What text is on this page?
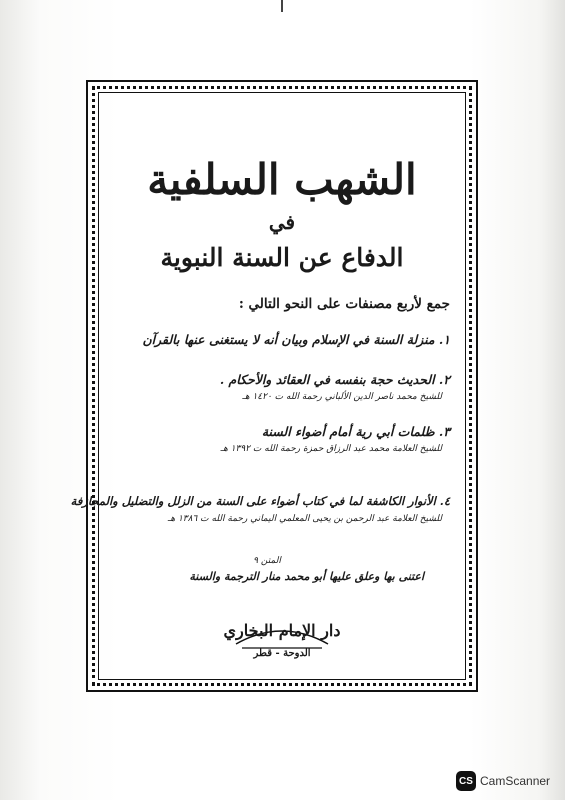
الشهب السلفية
في
الدفاع عن السنة النبوية
جمع لأربع مصنفات على النحو التالي :
١. منزلة السنة في الإسلام وبيان أنه لا يستغنى عنها بالقرآن
٢. الحديث حجة بنفسه في العقائد والأحكام .
للشيخ محمد ناصر الدين الألباني رحمة الله ت ١٤٢٠ هـ
٣. ظلمات أبي رية أمام أضواء السنة
للشيخ العلامة محمد عبد الرزاق حمزة رحمة الله ت ١٣٩٢ هـ
٤. الأنوار الكاشفة لما في كتاب أضواء على السنة من الزلل والتضليل والمجازفة
للشيخ العلامة عبد الرحمن بن يحيى المعلمي اليماني رحمة الله ت ١٣٨٦ هـ
المتن ٩
اعتنى بها وعلق عليها أبو محمد منار الترجمة والسنة
دار الإمام البخاري
الدوحة - قطر
CS CamScanner
